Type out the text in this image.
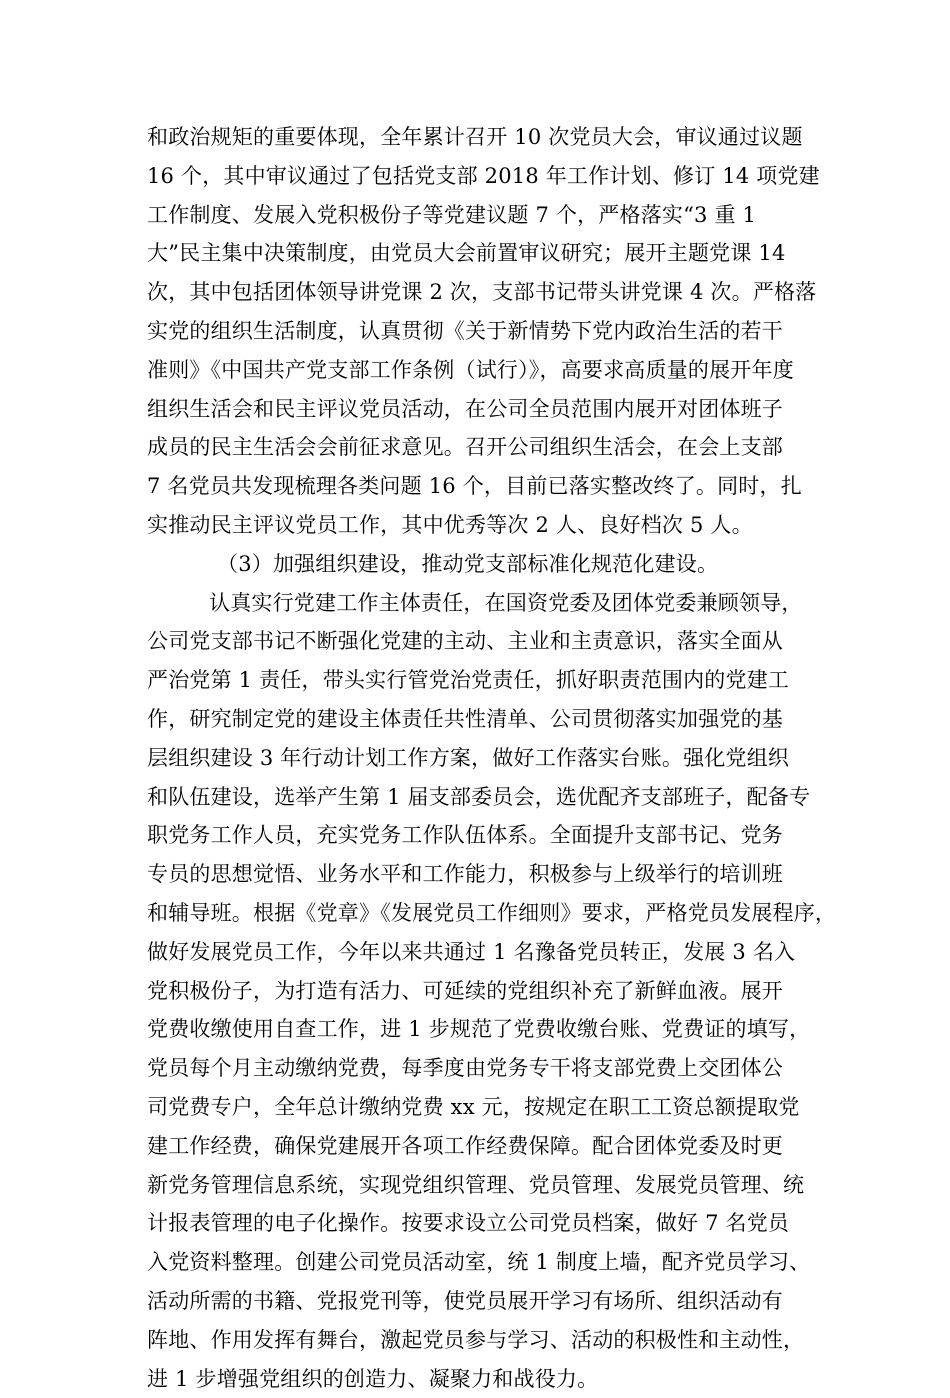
和政治规矩的重要体现，全年累计召开 10 次党员大会，审议通过议题
16 个，其中审议通过了包括党支部 2018 年工作计划、修订 14 项党建
工作制度、发展入党积极份子等党建议题 7 个，严格落实“3 重 1
大”民主集中决策制度，由党员大会前置审议研究；展开主题党课 14
次，其中包括团体领导讲党课 2 次，支部书记带头讲党课 4 次。严格落
实党的组织生活制度，认真贯彻《关于新情势下党内政治生活的若干
准则》《中国共产党支部工作条例（试行）》，高要求高质量的展开年度
组织生活会和民主评议党员活动，在公司全员范围内展开对团体班子
成员的民主生活会会前征求意见。召开公司组织生活会，在会上支部
7 名党员共发现梳理各类问题 16 个，目前已落实整改终了。同时，扎
实推动民主评议党员工作，其中优秀等次 2 人、良好档次 5 人。
（3）加强组织建设，推动党支部标准化规范化建设。
认真实行党建工作主体责任，在国资党委及团体党委兼顾领导，
公司党支部书记不断强化党建的主动、主业和主责意识，落实全面从
严治党第 1 责任，带头实行管党治党责任，抓好职责范围内的党建工
作，研究制定党的建设主体责任共性清单、公司贯彻落实加强党的基
层组织建设 3 年行动计划工作方案，做好工作落实台账。强化党组织
和队伍建设，选举产生第 1 届支部委员会，选优配齐支部班子，配备专
职党务工作人员，充实党务工作队伍体系。全面提升支部书记、党务
专员的思想觉悟、业务水平和工作能力，积极参与上级举行的培训班
和辅导班。根据《党章》《发展党员工作细则》要求，严格党员发展程序，
做好发展党员工作，今年以来共通过 1 名豫备党员转正，发展 3 名入
党积极份子，为打造有活力、可延续的党组织补充了新鲜血液。展开
党费收缴使用自查工作，进 1 步规范了党费收缴台账、党费证的填写，
党员每个月主动缴纳党费，每季度由党务专干将支部党费上交团体公
司党费专户，全年总计缴纳党费 xx 元，按规定在职工工资总额提取党
建工作经费，确保党建展开各项工作经费保障。配合团体党委及时更
新党务管理信息系统，实现党组织管理、党员管理、发展党员管理、统
计报表管理的电子化操作。按要求设立公司党员档案，做好 7 名党员
入党资料整理。创建公司党员活动室，统 1 制度上墙，配齐党员学习、
活动所需的书籍、党报党刊等，使党员展开学习有场所、组织活动有
阵地、作用发挥有舞台，激起党员参与学习、活动的积极性和主动性，
进 1 步增强党组织的创造力、凝聚力和战役力。
